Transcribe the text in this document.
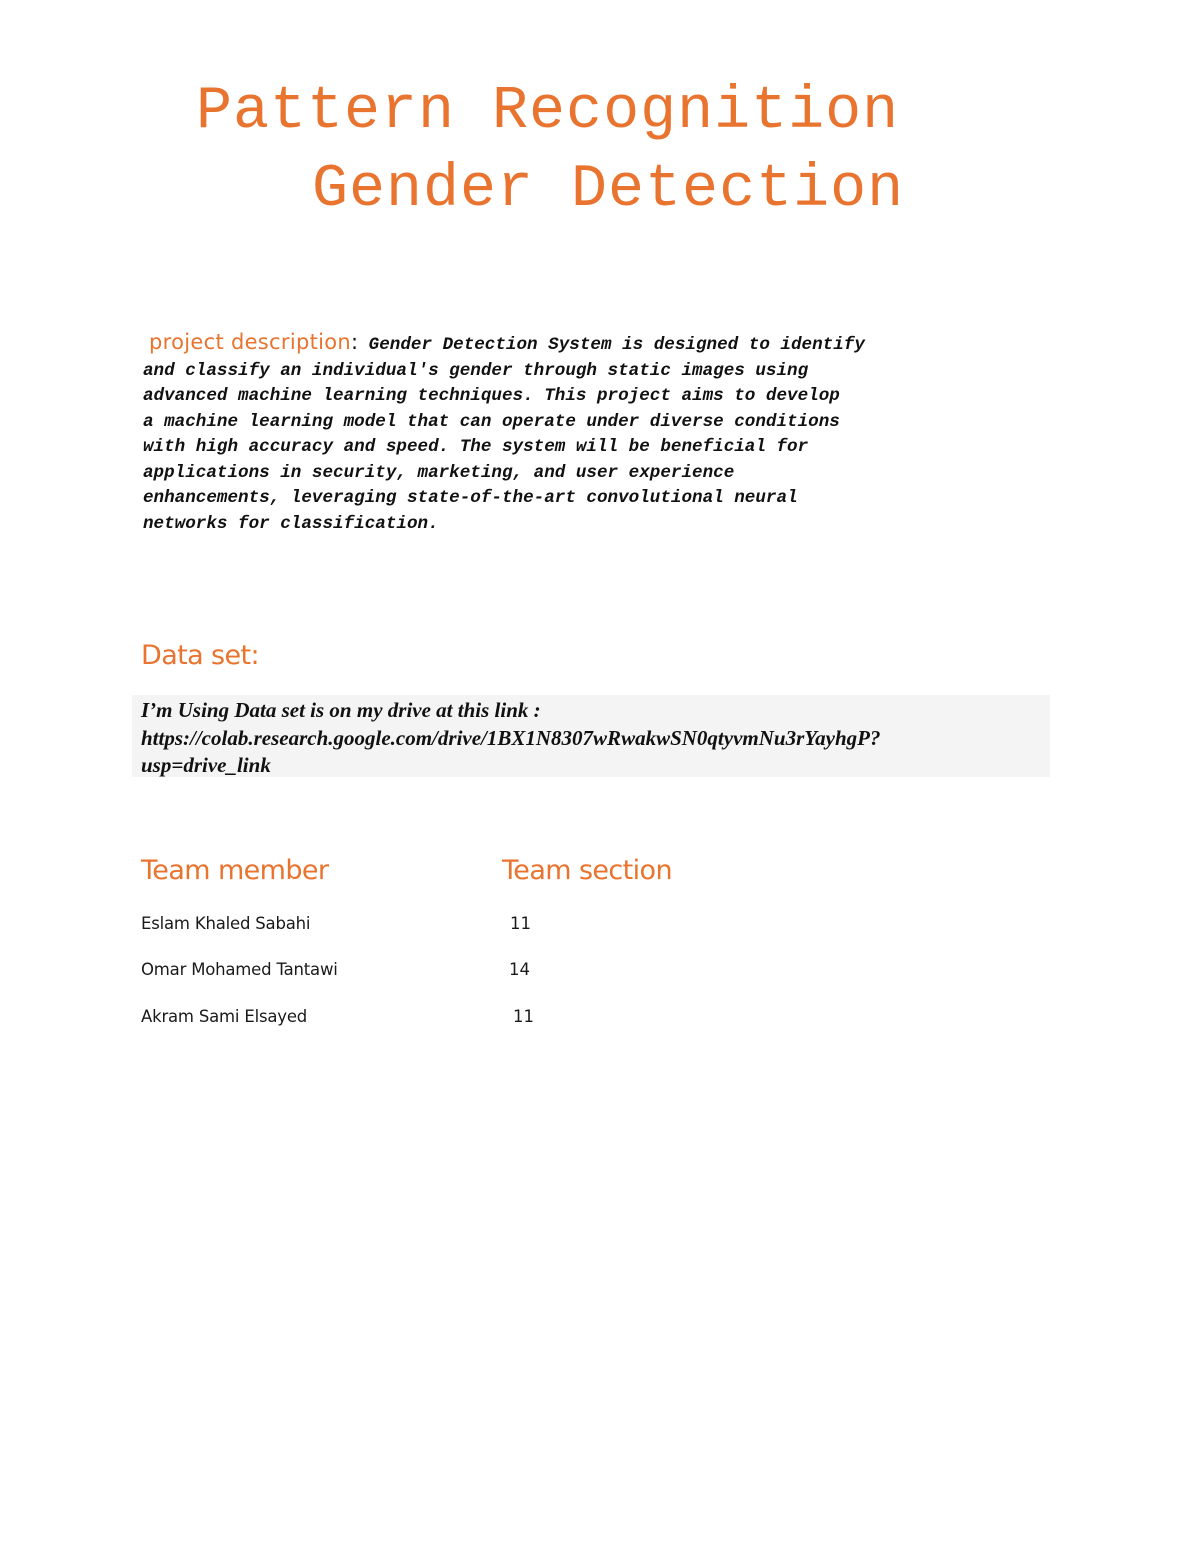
Pattern Recognition
Gender Detection
project description: Gender Detection System is designed to identify
and classify an individual's gender through static images using
advanced machine learning techniques. This project aims to develop
a machine learning model that can operate under diverse conditions
with high accuracy and speed. The system will be beneficial for
applications in security, marketing, and user experience
enhancements, leveraging state-of-the-art convolutional neural
networks for classification.
Data set:
I’m Using Data set is on my drive at this link :
https://colab.research.google.com/drive/1BX1N8307wRwakwSN0qtyvmNu3rYayhgP?
usp=drive_link
Team member	Team section
Eslam Khaled Sabahi	11
Omar Mohamed Tantawi	14
Akram Sami Elsayed	11
